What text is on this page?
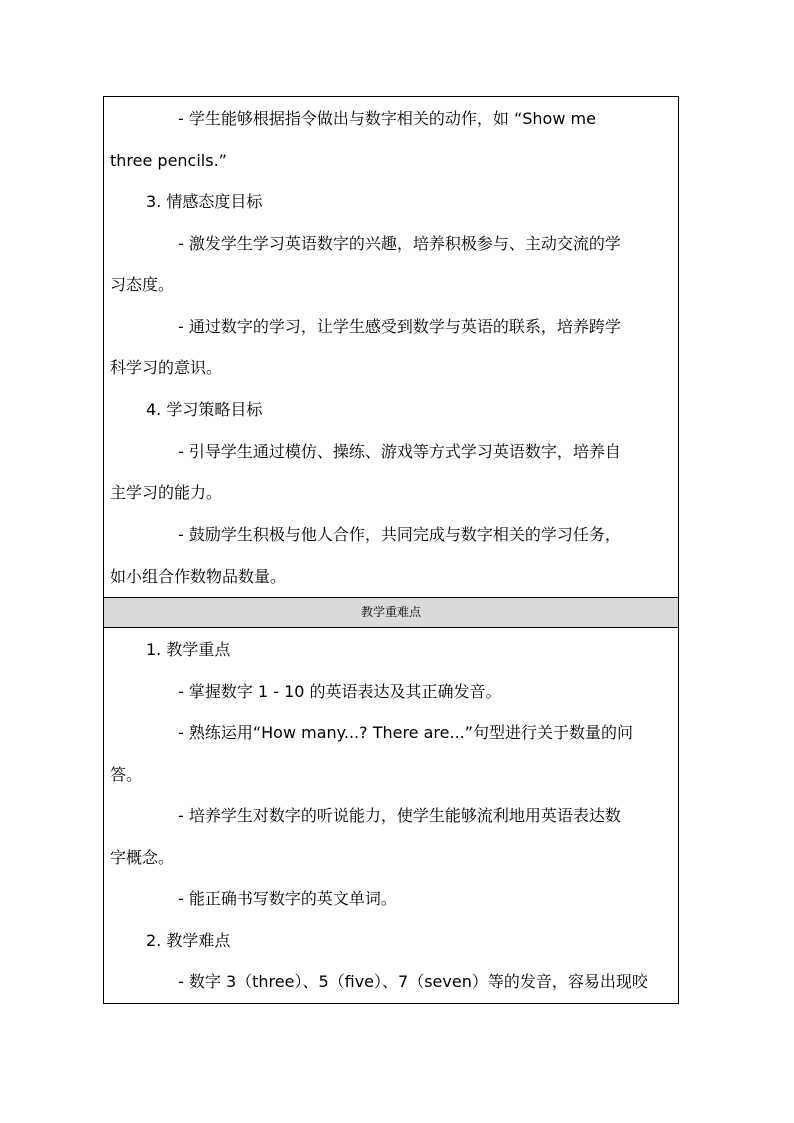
- 学生能够根据指令做出与数字相关的动作，如 “Show me
three pencils.”
3. 情感态度目标
- 激发学生学习英语数字的兴趣，培养积极参与、主动交流的学
习态度。
- 通过数字的学习，让学生感受到数学与英语的联系，培养跨学
科学习的意识。
4. 学习策略目标
- 引导学生通过模仿、操练、游戏等方式学习英语数字，培养自
主学习的能力。
- 鼓励学生积极与他人合作，共同完成与数字相关的学习任务，
如小组合作数物品数量。
教学重难点
1. 教学重点
- 掌握数字 1 - 10 的英语表达及其正确发音。
- 熟练运用“How many...? There are...”句型进行关于数量的问
答。
- 培养学生对数字的听说能力，使学生能够流利地用英语表达数
字概念。
- 能正确书写数字的英文单词。
2. 教学难点
- 数字 3（three）、5（five）、7（seven）等的发音，容易出现咬
